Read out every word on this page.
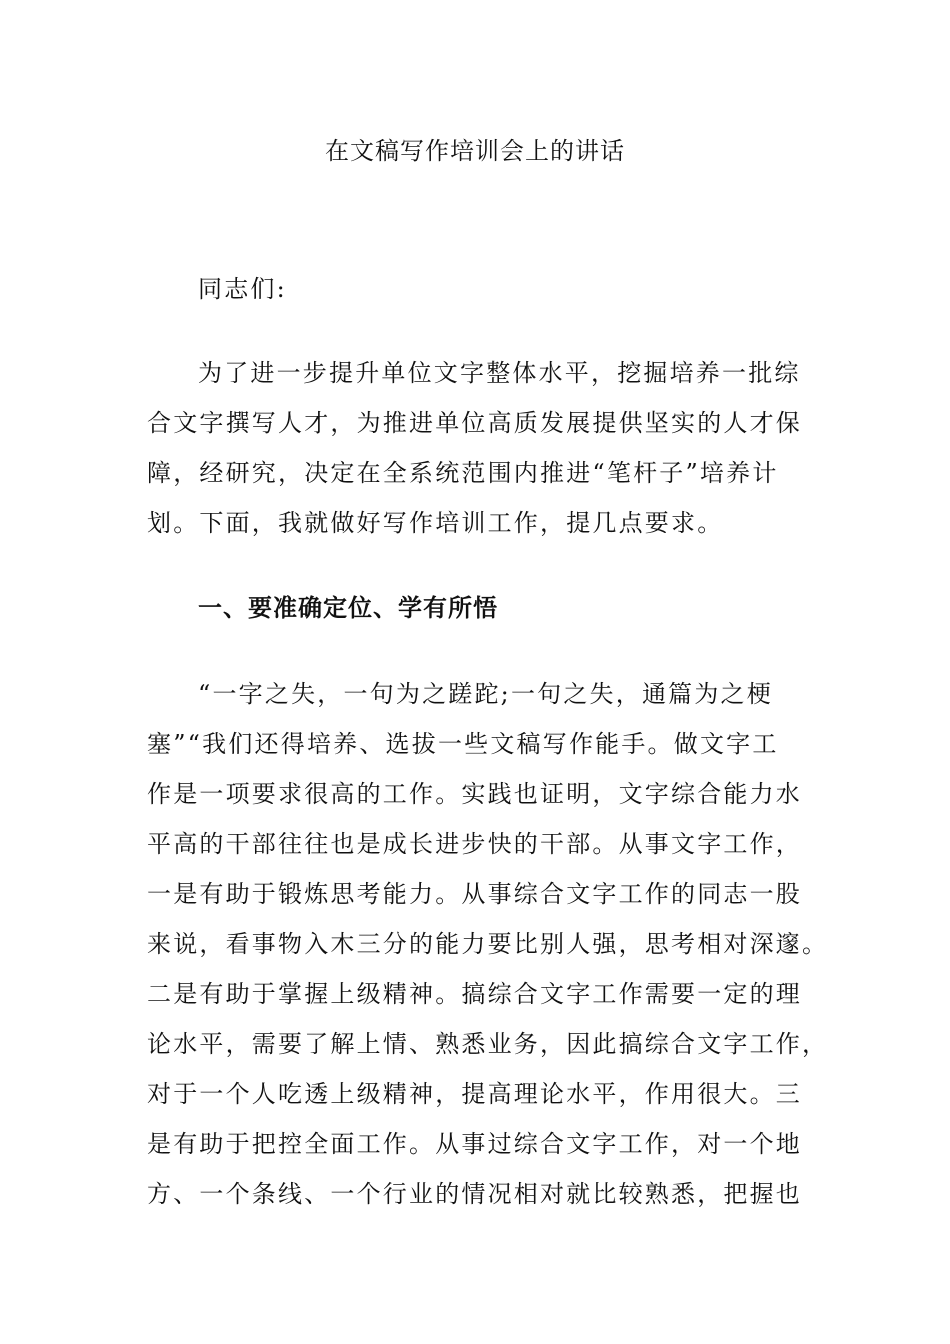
在文稿写作培训会上的讲话
同志们:
为了进一步提升单位文字整体水平，挖掘培养一批综
合文字撰写人才，为推进单位高质发展提供坚实的人才保
障，经研究，决定在全系统范围内推进“笔杆子”培养计
划。下面，我就做好写作培训工作，提几点要求。
一、要准确定位、学有所悟
“一字之失，一句为之蹉跎;一句之失，通篇为之梗
塞”“我们还得培养、选拔一些文稿写作能手。做文字工
作是一项要求很高的工作。实践也证明，文字综合能力水
平高的干部往往也是成长进步快的干部。从事文字工作，
一是有助于锻炼思考能力。从事综合文字工作的同志一股
来说，看事物入木三分的能力要比别人强，思考相对深邃。
二是有助于掌握上级精神。搞综合文字工作需要一定的理
论水平，需要了解上情、熟悉业务，因此搞综合文字工作，
对于一个人吃透上级精神，提高理论水平，作用很大。三
是有助于把控全面工作。从事过综合文字工作，对一个地
方、一个条线、一个行业的情况相对就比较熟悉，把握也
